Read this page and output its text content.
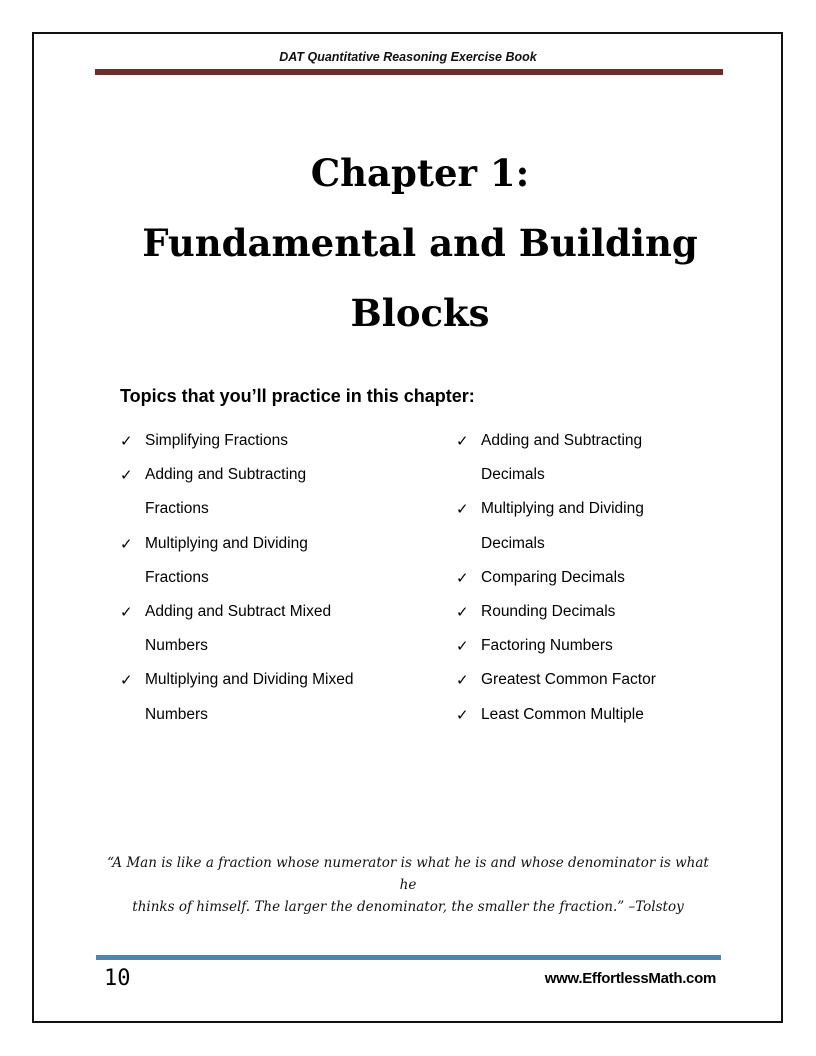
DAT Quantitative Reasoning Exercise Book
Chapter 1:
Fundamental and Building
Blocks
Topics that you’ll practice in this chapter:
✓ Simplifying Fractions
✓ Adding and Subtracting
Fractions
✓ Multiplying and Dividing
Fractions
✓ Adding and Subtract Mixed
Numbers
✓ Multiplying and Dividing Mixed
Numbers
✓ Adding and Subtracting
Decimals
✓ Multiplying and Dividing
Decimals
✓ Comparing Decimals
✓ Rounding Decimals
✓ Factoring Numbers
✓ Greatest Common Factor
✓ Least Common Multiple
“A Man is like a fraction whose numerator is what he is and whose denominator is what he
thinks of himself. The larger the denominator, the smaller the fraction.” –Tolstoy
10	www.EffortlessMath.com
